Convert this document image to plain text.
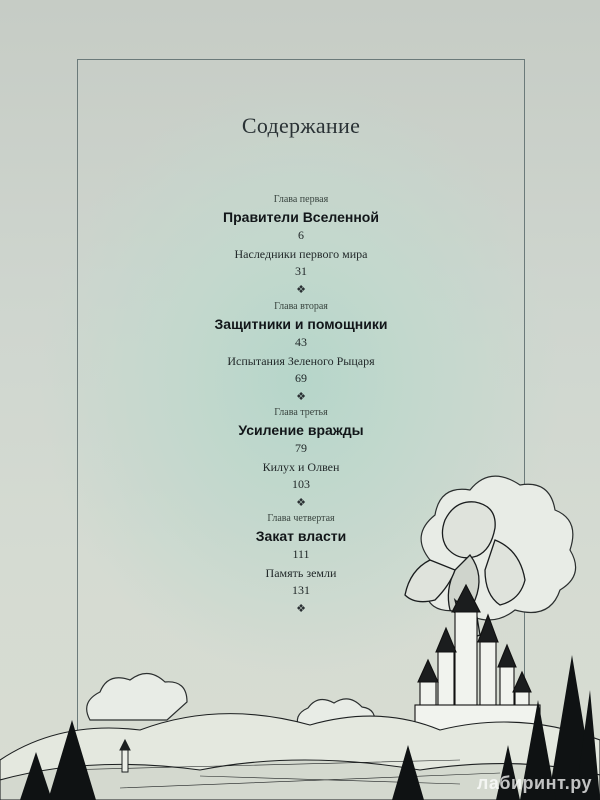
Содержание
Глава первая
Правители Вселенной
6
Наследники первого мира
31
❖
Глава вторая
Защитники и помощники
43
Испытания Зеленого Рыцаря
69
❖
Глава третья
Усиление вражды
79
Килух и Олвен
103
❖
Глава четвертая
Закат власти
111
Память земли
131
❖
лабиринт.ру
